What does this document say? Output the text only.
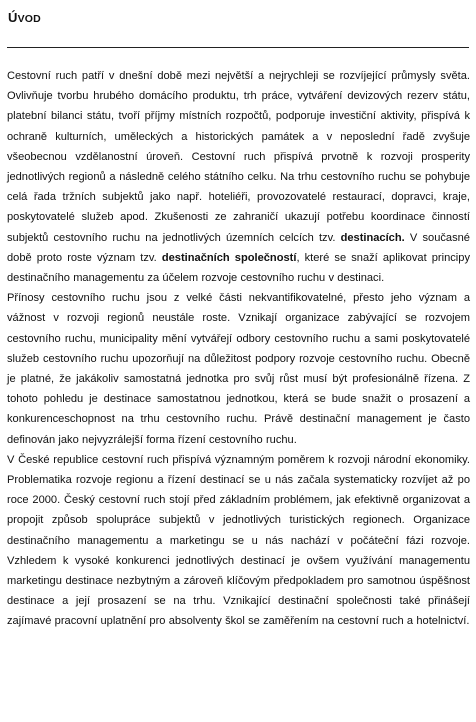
ÚVOD

Cestovní ruch patří v dnešní době mezi největší a nejrychleji se rozvíjející průmysly světa. Ovlivňuje tvorbu hrubého domácího produktu, trh práce, vytváření devizových rezerv státu, platební bilanci státu, tvoří příjmy místních rozpočtů, podporuje investiční aktivity, přispívá k ochraně kulturních, uměleckých a historických památek a v neposlední řadě zvyšuje všeobecnou vzdělanostní úroveň. Cestovní ruch přispívá prvotně k rozvoji prosperity jednotlivých regionů a následně celého státního celku. Na trhu cestovního ruchu se pohybuje celá řada tržních subjektů jako např. hoteliéři, provozovatelé restaurací, dopravci, kraje, poskytovatelé služeb apod. Zkušenosti ze zahraničí ukazují potřebu koordinace činností subjektů cestovního ruchu na jednotlivých územních celcích tzv. destinacích. V současné době proto roste význam tzv. destinačních společností, které se snaží aplikovat principy destinačního managementu za účelem rozvoje cestovního ruchu v destinaci.

Přínosy cestovního ruchu jsou z velké části nekvantifikovatelné, přesto jeho význam a vážnost v rozvoji regionů neustále roste. Vznikají organizace zabývající se rozvojem cestovního ruchu, municipality mění vytvářejí odbory cestovního ruchu a sami poskytovatelé služeb cestovního ruchu upozorňují na důležitost podpory rozvoje cestovního ruchu. Obecně je platné, že jakákoliv samostatná jednotka pro svůj růst musí být profesionálně řízena. Z tohoto pohledu je destinace samostatnou jednotkou, která se bude snažit o prosazení a konkurenceschopnost na trhu cestovního ruchu. Právě destinační management je často definován jako nejvyzrálejší forma řízení cestovního ruchu.

V České republice cestovní ruch přispívá významným poměrem k rozvoji národní ekonomiky. Problematika rozvoje regionu a řízení destinací se u nás začala systematicky rozvíjet až po roce 2000. Český cestovní ruch stojí před základním problémem, jak efektivně organizovat a propojit způsob spolupráce subjektů v jednotlivých turistických regionech. Organizace destinačního managementu a marketingu se u nás nachází v počáteční fázi rozvoje. Vzhledem k vysoké konkurenci jednotlivých destinací je ovšem využívání managementu marketingu destinace nezbytným a zároveň klíčovým předpokladem pro samotnou úspěšnost destinace a její prosazení se na trhu. Vznikající destinační společnosti také přinášejí zajímavé pracovní uplatnění pro absolventy škol se zaměřením na cestovní ruch a hotelnictví.
